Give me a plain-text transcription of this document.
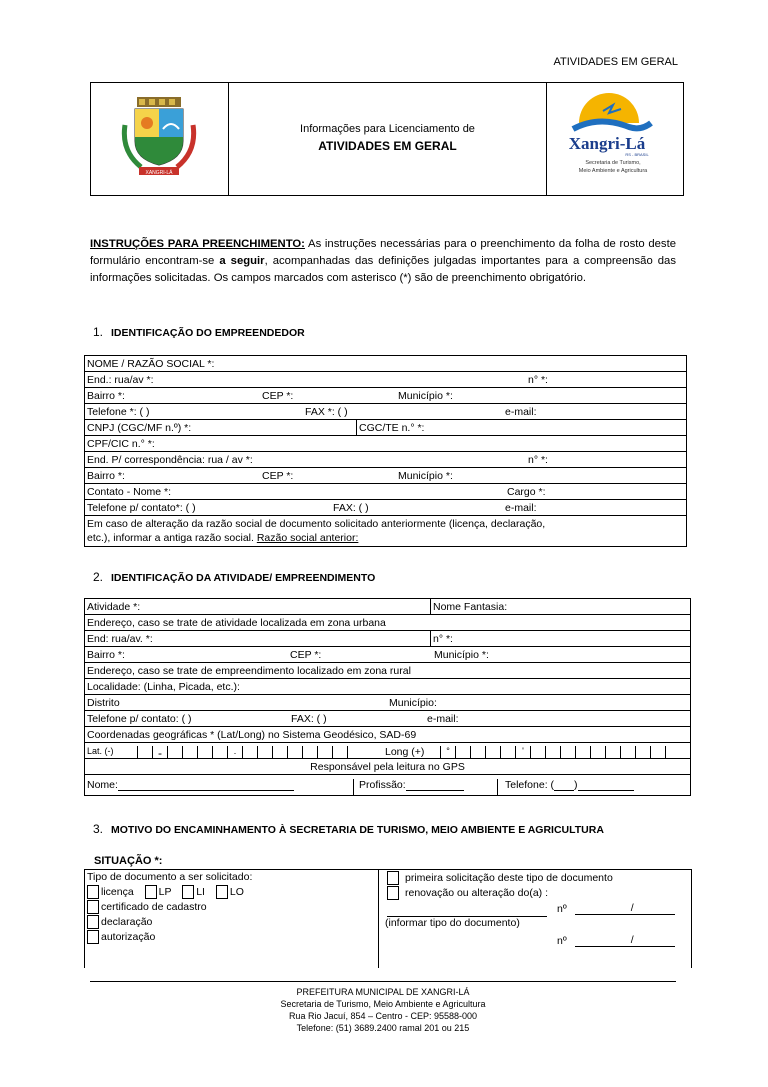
ATIVIDADES EM GERAL
XANGRI-LÁ
Informações para Licenciamento de
ATIVIDADES EM GERAL	Xangri-Lá
RS - BRASIL
Secretaria de Turismo,
Meio Ambiente e Agricultura
INSTRUÇÕES PARA PREENCHIMENTO: As instruções necessárias para o preenchimento da folha de rosto deste formulário encontram-se a seguir, acompanhadas das definições julgadas importantes para a compreensão das informações solicitadas. Os campos marcados com asterisco (*) são de preenchimento obrigatório.
1. IDENTIFICAÇÃO DO EMPREENDEDOR
NOME / RAZÃO SOCIAL *:
End.: rua/av *:	n° *:

Bairro *:	CEP *:	Município *:

Telefone *: ( )	FAX *: ( )	e-mail:

CNPJ (CGC/MF n.º) *:	CGC/TE n.° *:
CPF/CIC n.° *:
End. P/ correspondência: rua / av *:	n° *:

Bairro *:	CEP *:	Município *:

Contato - Nome *:	Cargo *:

Telefone p/ contato*: ( )	FAX: ( )	e-mail:

Em caso de alteração da razão social de documento solicitado anteriormente (licença, declaração,
etc.), informar a antiga razão social. Razão social anterior:
2. IDENTIFICAÇÃO DA ATIVIDADE/ EMPREENDIMENTO
Atividade *:	Nome Fantasia:
Endereço, caso se trate de atividade localizada em zona urbana	
End: rua/av. *:	n° *:
Bairro *: CEP *: Município *:	

Endereço, caso se trate de empreendimento localizado em zona rural	
Localidade: (Linha, Picada, etc.):	
Distrito Município:	

Telefone p/ contato: ( ) FAX: ( ) e-mail:	

Coordenadas geográficas * (Lat/Long) no Sistema Geodésico, SAD-69	
Lat. (-) - . Long (+) ° '	

Responsável pela leitura no GPS	
Nome: Profissão: Telefone: ( )	
3. MOTIVO DO ENCAMINHAMENTO À SECRETARIA DE TURISMO, MEIO AMBIENTE E AGRICULTURA
SITUAÇÃO *:
Tipo de documento a ser solicitado:
licença LP LI LO
certificado de cadastro
declaração
autorização
primeira solicitação deste tipo de documento
renovação ou alteração do(a) :
nº	/

(informar tipo do documento)
nº	/

PREFEITURA MUNICIPAL DE XANGRI-LÁ
Secretaria de Turismo, Meio Ambiente e Agricultura
Rua Rio Jacuí, 854 – Centro - CEP: 95588-000
Telefone: (51) 3689.2400 ramal 201 ou 215
